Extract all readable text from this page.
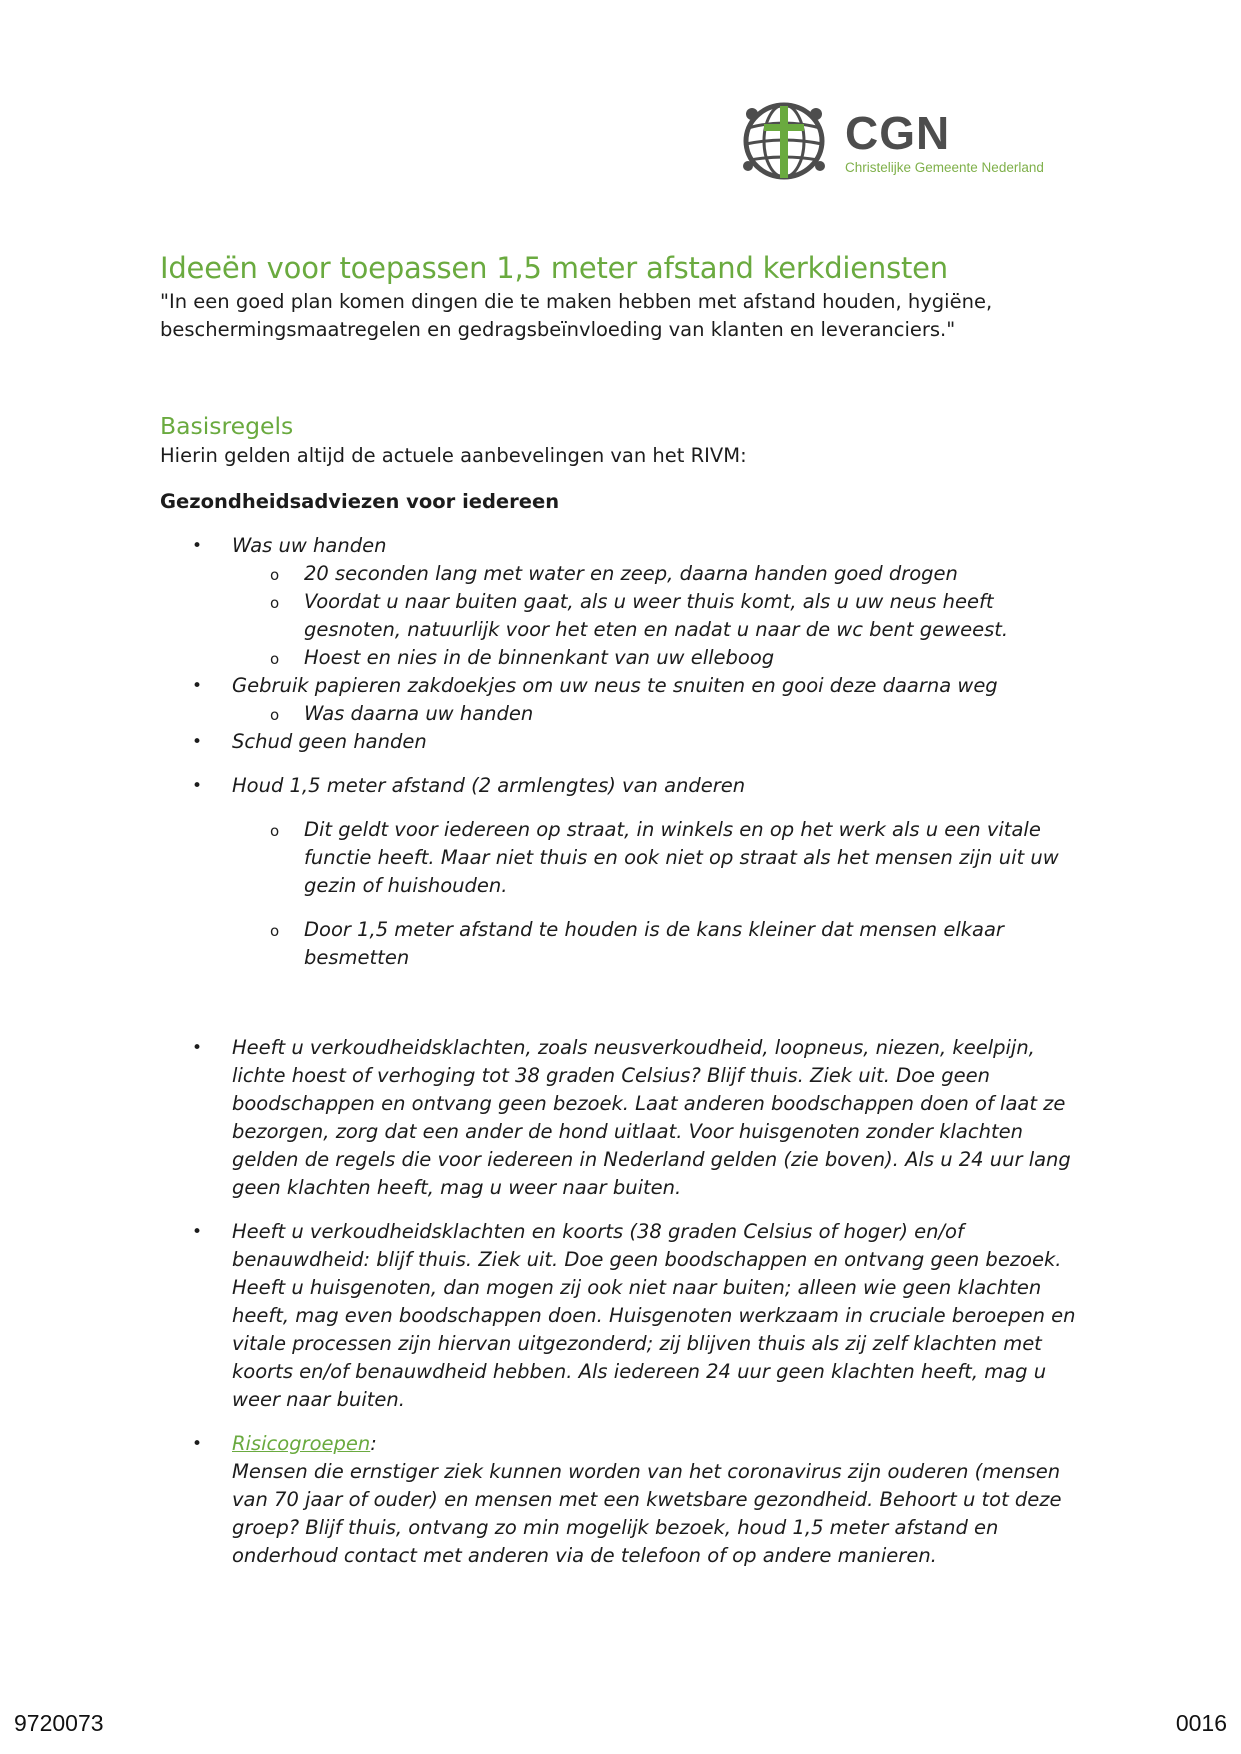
CGN
Christelijke Gemeente Nederland
Ideeën voor toepassen 1,5 meter afstand kerkdiensten

"In een goed plan komen dingen die te maken hebben met afstand houden, hygiëne, beschermingsmaatregelen en gedragsbeïnvloeding van klanten en leveranciers."

Basisregels

Hierin gelden altijd de actuele aanbevelingen van het RIVM:

Gezondheidsadviezen voor iedereen

• Was uw handen
o 20 seconden lang met water en zeep, daarna handen goed drogen
o Voordat u naar buiten gaat, als u weer thuis komt, als u uw neus heeft gesnoten, natuurlijk voor het eten en nadat u naar de wc bent geweest.
o Hoest en nies in de binnenkant van uw elleboog
• Gebruik papieren zakdoekjes om uw neus te snuiten en gooi deze daarna weg
o Was daarna uw handen
• Schud geen handen
• Houd 1,5 meter afstand (2 armlengtes) van anderen
o Dit geldt voor iedereen op straat, in winkels en op het werk als u een vitale functie heeft. Maar niet thuis en ook niet op straat als het mensen zijn uit uw gezin of huishouden.
o Door 1,5 meter afstand te houden is de kans kleiner dat mensen elkaar besmetten
• Heeft u verkoudheidsklachten, zoals neusverkoudheid, loopneus, niezen, keelpijn, lichte hoest of verhoging tot 38 graden Celsius? Blijf thuis. Ziek uit. Doe geen boodschappen en ontvang geen bezoek. Laat anderen boodschappen doen of laat ze bezorgen, zorg dat een ander de hond uitlaat. Voor huisgenoten zonder klachten gelden de regels die voor iedereen in Nederland gelden (zie boven). Als u 24 uur lang geen klachten heeft, mag u weer naar buiten.
• Heeft u verkoudheidsklachten en koorts (38 graden Celsius of hoger) en/of benauwdheid: blijf thuis. Ziek uit. Doe geen boodschappen en ontvang geen bezoek. Heeft u huisgenoten, dan mogen zij ook niet naar buiten; alleen wie geen klachten heeft, mag even boodschappen doen. Huisgenoten werkzaam in cruciale beroepen en vitale processen zijn hiervan uitgezonderd; zij blijven thuis als zij zelf klachten met koorts en/of benauwdheid hebben. Als iedereen 24 uur geen klachten heeft, mag u weer naar buiten.
• Risicogroepen:
Mensen die ernstiger ziek kunnen worden van het coronavirus zijn ouderen (mensen van 70 jaar of ouder) en mensen met een kwetsbare gezondheid. Behoort u tot deze groep? Blijf thuis, ontvang zo min mogelijk bezoek, houd 1,5 meter afstand en onderhoud contact met anderen via de telefoon of op andere manieren.
9720073	0016
